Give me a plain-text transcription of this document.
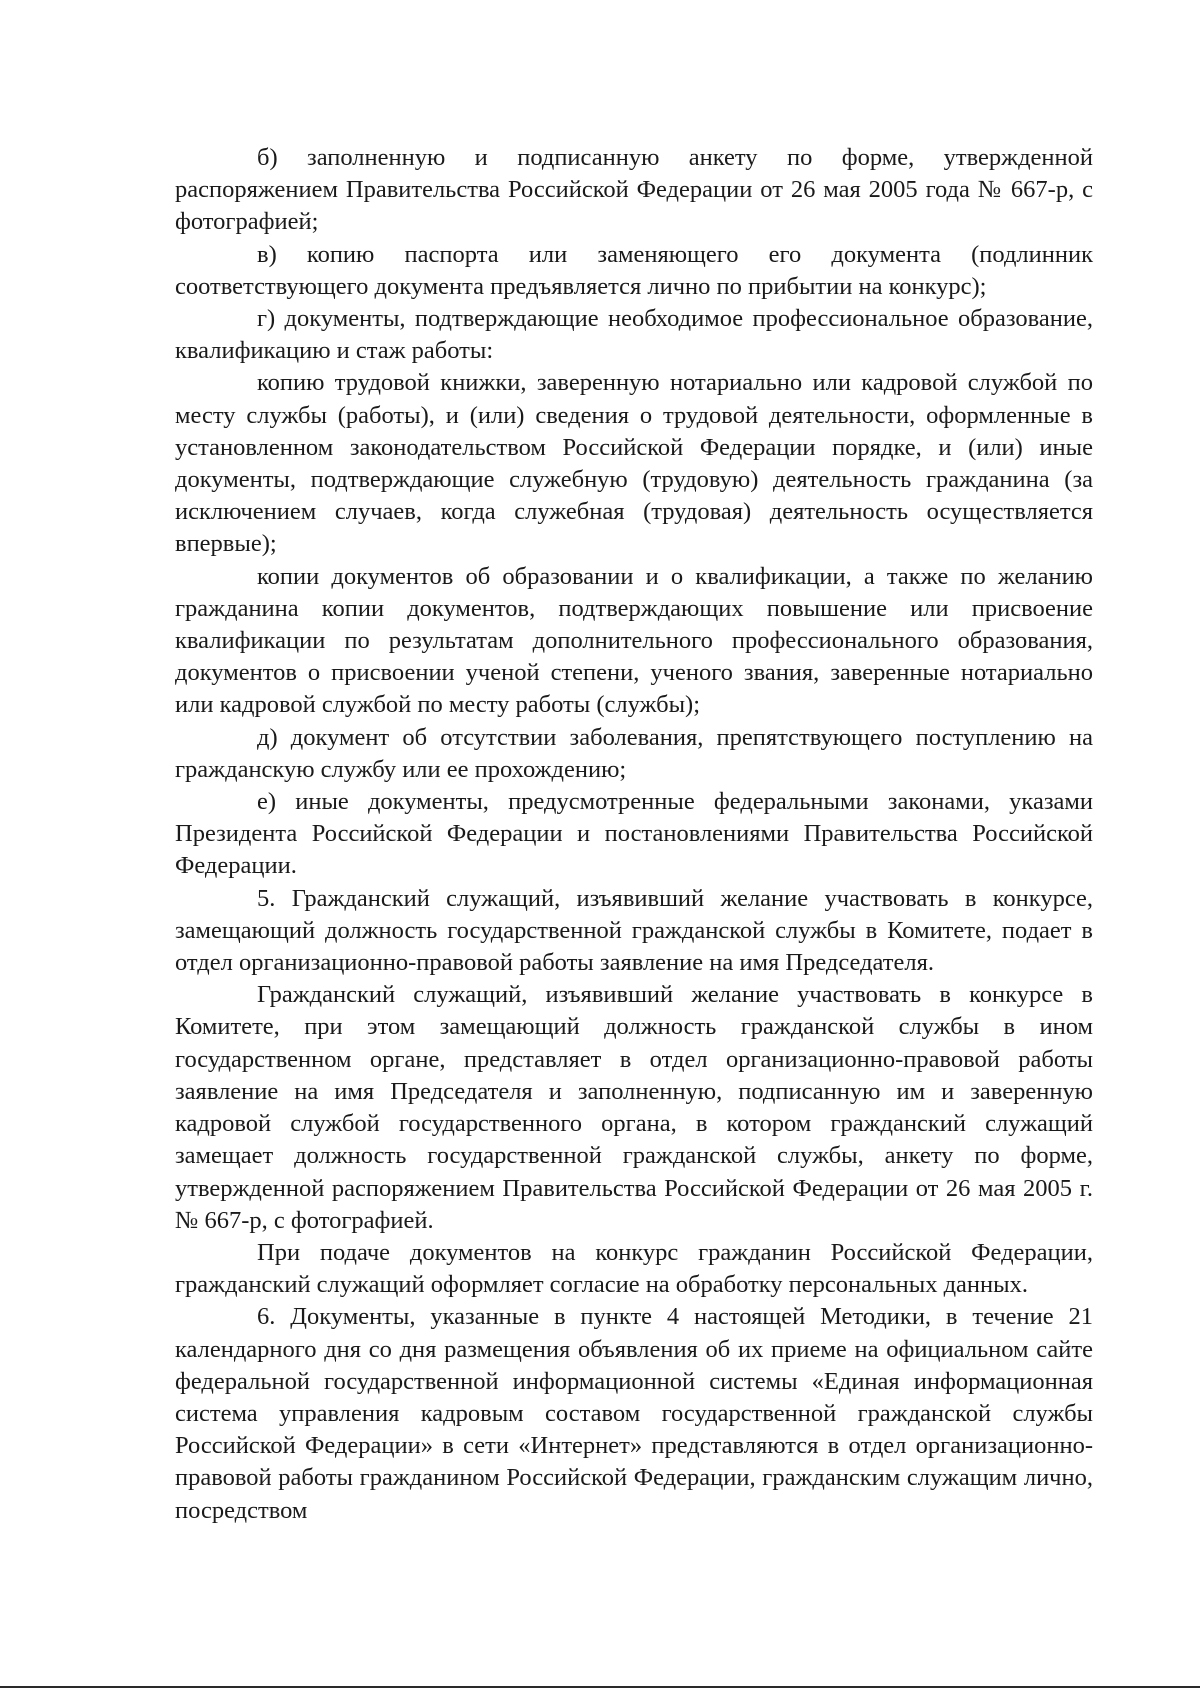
б) заполненную и подписанную анкету по форме, утвержденной распоряжением Правительства Российской Федерации от 26 мая 2005 года № 667-р, с фотографией;

в) копию паспорта или заменяющего его документа (подлинник соответствующего документа предъявляется лично по прибытии на конкурс);

г) документы, подтверждающие необходимое профессиональное образование, квалификацию и стаж работы:

копию трудовой книжки, заверенную нотариально или кадровой службой по месту службы (работы), и (или) сведения о трудовой деятельности, оформленные в установленном законодательством Российской Федерации порядке, и (или) иные документы, подтверждающие служебную (трудовую) деятельность гражданина (за исключением случаев, когда служебная (трудовая) деятельность осуществляется впервые);

копии документов об образовании и о квалификации, а также по желанию гражданина копии документов, подтверждающих повышение или присвоение квалификации по результатам дополнительного профессионального образования, документов о присвоении ученой степени, ученого звания, заверенные нотариально или кадровой службой по месту работы (службы);

д) документ об отсутствии заболевания, препятствующего поступлению на гражданскую службу или ее прохождению;

е) иные документы, предусмотренные федеральными законами, указами Президента Российской Федерации и постановлениями Правительства Российской Федерации.

5. Гражданский служащий, изъявивший желание участвовать в конкурсе, замещающий должность государственной гражданской службы в Комитете, подает в отдел организационно-правовой работы заявление на имя Председателя.

Гражданский служащий, изъявивший желание участвовать в конкурсе в Комитете, при этом замещающий должность гражданской службы в ином государственном органе, представляет в отдел организационно-правовой работы заявление на имя Председателя и заполненную, подписанную им и заверенную кадровой службой государственного органа, в котором гражданский служащий замещает должность государственной гражданской службы, анкету по форме, утвержденной распоряжением Правительства Российской Федерации от 26 мая 2005 г. № 667-р, с фотографией.

При подаче документов на конкурс гражданин Российской Федерации, гражданский служащий оформляет согласие на обработку персональных данных.

6. Документы, указанные в пункте 4 настоящей Методики, в течение 21 календарного дня со дня размещения объявления об их приеме на официальном сайте федеральной государственной информационной системы «Единая информационная система управления кадровым составом государственной гражданской службы Российской Федерации» в сети «Интернет» представляются в отдел организационно-правовой работы гражданином Российской Федерации, гражданским служащим лично, посредством
